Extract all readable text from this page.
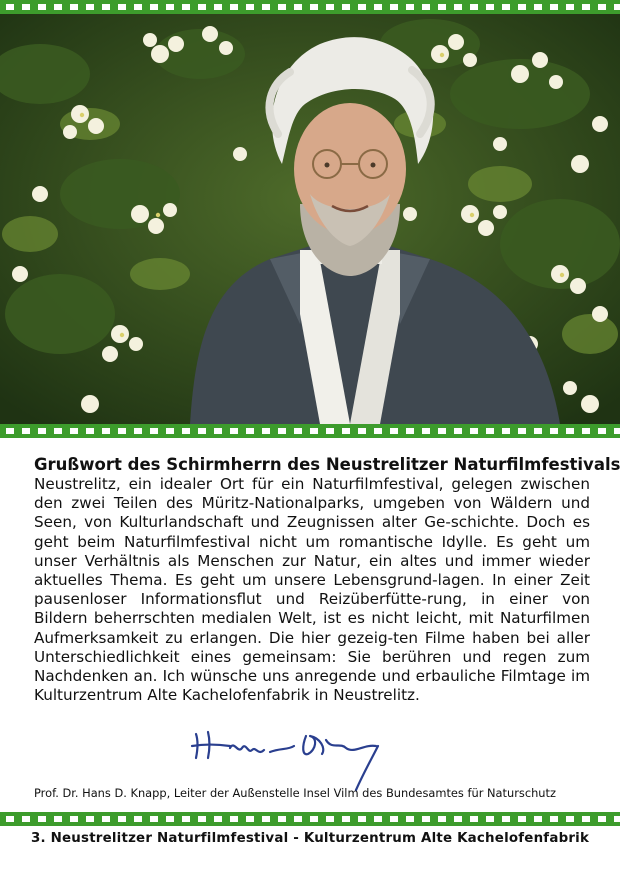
Grußwort des Schirmherrn des Neustrelitzer Naturfilmfestivals

Neustrelitz, ein idealer Ort für ein Naturfilmfestival, gelegen zwischen den zwei Teilen des Müritz-Nationalparks, umgeben von Wäldern und Seen, von Kulturlandschaft und Zeugnissen alter Ge-schichte. Doch es geht beim Naturfilmfestival nicht um romantische Idylle. Es geht um unser Verhältnis als Menschen zur Natur, ein altes und immer wieder aktuelles Thema. Es geht um unsere Lebensgrund-lagen. In einer Zeit pausenloser Informationsflut und Reizüberfütte-rung, in einer von Bildern beherrschten medialen Welt, ist es nicht leicht, mit Naturfilmen Aufmerksamkeit zu erlangen. Die hier gezeig-ten Filme haben bei aller Unterschiedlichkeit eines gemeinsam: Sie berühren und regen zum Nachdenken an. Ich wünsche uns anregende und erbauliche Filmtage im Kulturzentrum Alte Kachelofenfabrik in Neustrelitz.

Prof. Dr. Hans D. Knapp, Leiter der Außenstelle Insel Vilm des Bundesamtes für Naturschutz
3. Neustrelitzer Naturfilmfestival - Kulturzentrum Alte Kachelofenfabrik
